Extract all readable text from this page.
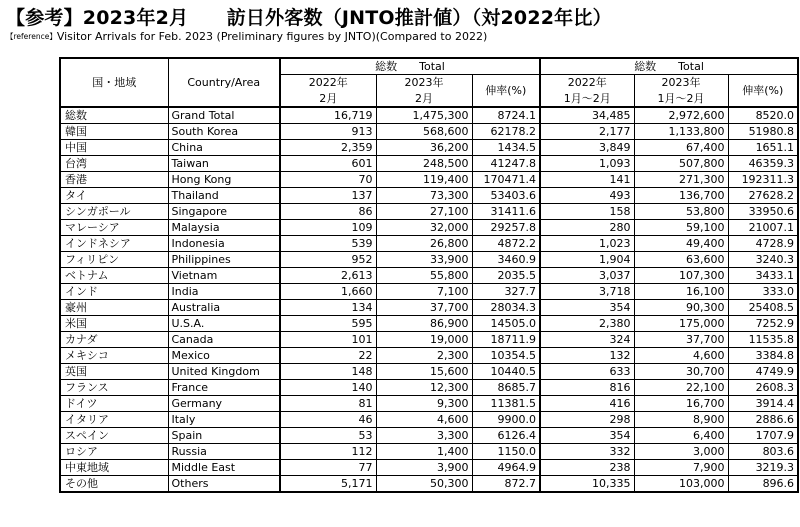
【参考】2023年2月　　訪日外客数（JNTO推計値）（対2022年比）
【reference】Visitor Arrivals for Feb. 2023 (Preliminary figures by JNTO)(Compared to 2022)
国・地域	Country/Area	総数　　Total			総数　　Total		
		2022年	2023年	伸率(%)	2022年	2023年	伸率(%)
		2月	2月		1月～2月	1月～2月	
総数	Grand Total	16,719	1,475,300	8724.1	34,485	2,972,600	8520.0
韓国	South Korea	913	568,600	62178.2	2,177	1,133,800	51980.8
中国	China	2,359	36,200	1434.5	3,849	67,400	1651.1
台湾	Taiwan	601	248,500	41247.8	1,093	507,800	46359.3
香港	Hong Kong	70	119,400	170471.4	141	271,300	192311.3
タイ	Thailand	137	73,300	53403.6	493	136,700	27628.2
シンガポール	Singapore	86	27,100	31411.6	158	53,800	33950.6
マレーシア	Malaysia	109	32,000	29257.8	280	59,100	21007.1
インドネシア	Indonesia	539	26,800	4872.2	1,023	49,400	4728.9
フィリピン	Philippines	952	33,900	3460.9	1,904	63,600	3240.3
ベトナム	Vietnam	2,613	55,800	2035.5	3,037	107,300	3433.1
インド	India	1,660	7,100	327.7	3,718	16,100	333.0
豪州	Australia	134	37,700	28034.3	354	90,300	25408.5
米国	U.S.A.	595	86,900	14505.0	2,380	175,000	7252.9
カナダ	Canada	101	19,000	18711.9	324	37,700	11535.8
メキシコ	Mexico	22	2,300	10354.5	132	4,600	3384.8
英国	United Kingdom	148	15,600	10440.5	633	30,700	4749.9
フランス	France	140	12,300	8685.7	816	22,100	2608.3
ドイツ	Germany	81	9,300	11381.5	416	16,700	3914.4
イタリア	Italy	46	4,600	9900.0	298	8,900	2886.6
スペイン	Spain	53	3,300	6126.4	354	6,400	1707.9
ロシア	Russia	112	1,400	1150.0	332	3,000	803.6
中東地域	Middle East	77	3,900	4964.9	238	7,900	3219.3
その他	Others	5,171	50,300	872.7	10,335	103,000	896.6
